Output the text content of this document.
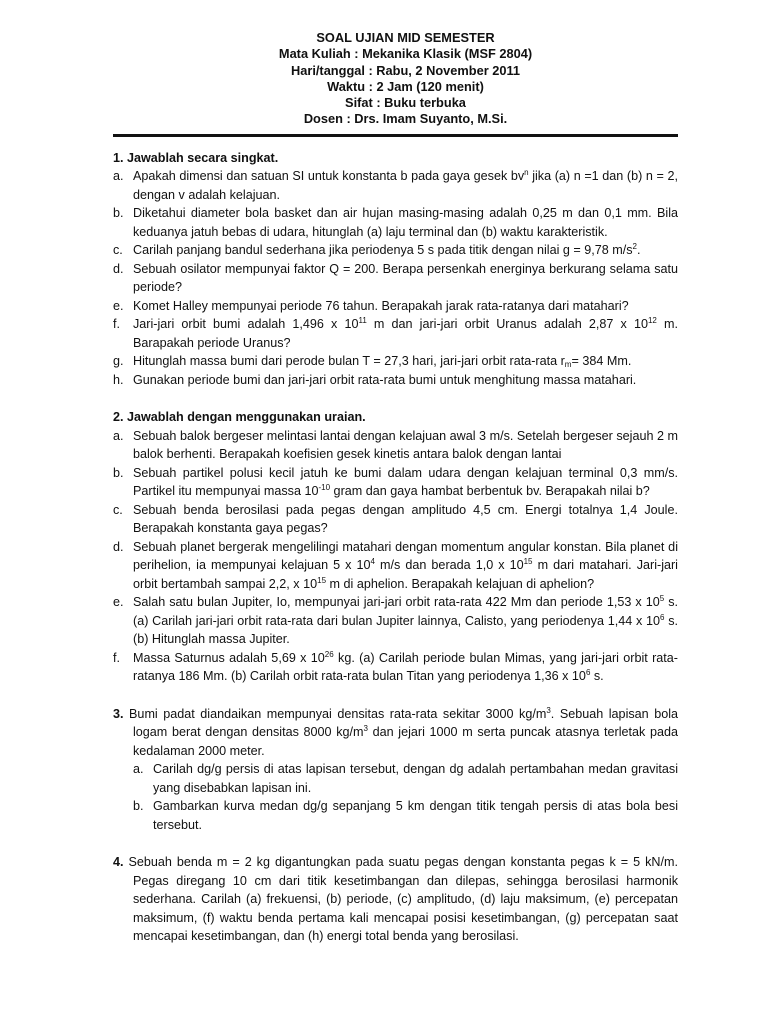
SOAL UJIAN MID SEMESTER
Mata Kuliah : Mekanika Klasik (MSF 2804)
Hari/tanggal : Rabu, 2 November 2011
Waktu : 2 Jam (120 menit)
Sifat : Buku terbuka
Dosen : Drs. Imam Suyanto, M.Si.
1. Jawablah secara singkat.
a. Apakah dimensi dan satuan SI untuk konstanta b pada gaya gesek $bv^n$ jika (a) n =1 dan (b) n = 2, dengan v adalah kelajuan.
b. Diketahui diameter bola basket dan air hujan masing-masing adalah 0,25 m dan 0,1 mm. Bila keduanya jatuh bebas di udara, hitunglah (a) laju terminal dan (b) waktu karakteristik.
c. Carilah panjang bandul sederhana jika periodenya 5 s pada titik dengan nilai g = 9,78 $m/s^2$.
d. Sebuah osilator mempunyai faktor Q = 200. Berapa persenkah energinya berkurang selama satu periode?
e. Komet Halley mempunyai periode 76 tahun. Berapakah jarak rata-ratanya dari matahari?
f. Jari-jari orbit bumi adalah 1,496 x $10^{11}$ m dan jari-jari orbit Uranus adalah 2,87 x $10^{12}$ m. Barapakah periode Uranus?
g. Hitunglah massa bumi dari perode bulan T = 27,3 hari, jari-jari orbit rata-rata $r_m= 384$ Mm.
h. Gunakan periode bumi dan jari-jari orbit rata-rata bumi untuk menghitung massa matahari.
2. Jawablah dengan menggunakan uraian.
a. Sebuah balok bergeser melintasi lantai dengan kelajuan awal 3 m/s. Setelah bergeser sejauh 2 m balok berhenti. Berapakah koefisien gesek kinetis antara balok dengan lantai
b. Sebuah partikel polusi kecil jatuh ke bumi dalam udara dengan kelajuan terminal 0,3 mm/s. Partikel itu mempunyai massa $10^{-10}$ gram dan gaya hambat berbentuk bv. Berapakah nilai b?
c. Sebuah benda berosilasi pada pegas dengan amplitudo 4,5 cm. Energi totalnya 1,4 Joule. Berapakah konstanta gaya pegas?
d. Sebuah planet bergerak mengelilingi matahari dengan momentum angular konstan. Bila planet di perihelion, ia mempunyai kelajuan 5 x $10^4$ m/s dan berada 1,0 x $10^{15}$ m dari matahari. Jari-jari orbit bertambah sampai 2,2, x $10^{15}$ m di aphelion. Berapakah kelajuan di aphelion?
e. Salah satu bulan Jupiter, Io, mempunyai jari-jari orbit rata-rata 422 Mm dan periode 1,53 x $10^5$ s. (a) Carilah jari-jari orbit rata-rata dari bulan Jupiter lainnya, Calisto, yang periodenya 1,44 x $10^6$ s. (b) Hitunglah massa Jupiter.
f. Massa Saturnus adalah 5,69 x $10^{26}$ kg. (a) Carilah periode bulan Mimas, yang jari-jari orbit rata-ratanya 186 Mm. (b) Carilah orbit rata-rata bulan Titan yang periodenya 1,36 x $10^6$ s.
3. Bumi padat diandaikan mempunyai densitas rata-rata sekitar 3000 $kg/m^3$. Sebuah lapisan bola logam berat dengan densitas 8000 $kg/m^3$ dan jejari 1000 m serta puncak atasnya terletak pada kedalaman 2000 meter.
a. Carilah dg/g persis di atas lapisan tersebut, dengan dg adalah pertambahan medan gravitasi yang disebabkan lapisan ini.
b. Gambarkan kurva medan dg/g sepanjang 5 km dengan titik tengah persis di atas bola besi tersebut.
4. Sebuah benda m = 2 kg digantungkan pada suatu pegas dengan konstanta pegas k = 5 kN/m. Pegas diregang 10 cm dari titik kesetimbangan dan dilepas, sehingga berosilasi harmonik sederhana. Carilah (a) frekuensi, (b) periode, (c) amplitudo, (d) laju maksimum, (e) percepatan maksimum, (f) waktu benda pertama kali mencapai posisi kesetimbangan, (g) percepatan saat mencapai kesetimbangan, dan (h) energi total benda yang berosilasi.
